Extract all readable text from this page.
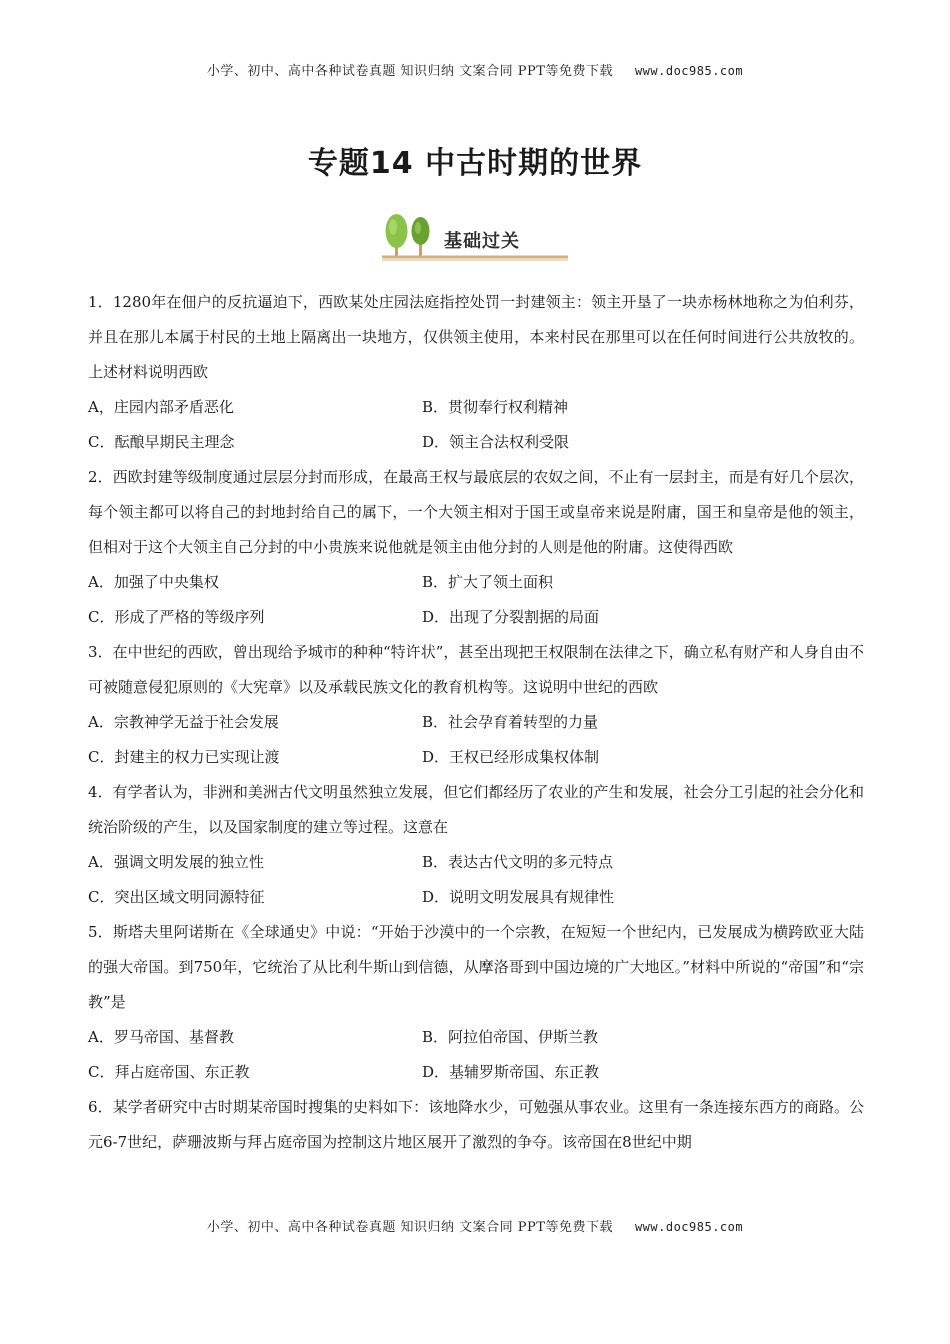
小学、初中、高中各种试卷真题 知识归纳 文案合同 PPT等免费下载 www.doc985.com
专题14 中古时期的世界
基础过关
1．1280年在佃户的反抗逼迫下，西欧某处庄园法庭指控处罚一封建领主：领主开垦了一块赤杨林地称之为伯利芬，并且在那儿本属于村民的土地上隔离出一块地方，仅供领主使用，本来村民在那里可以在任何时间进行公共放牧的。上述材料说明西欧
A，庄园内部矛盾恶化	B．贯彻奉行权利精神
C．酝酿早期民主理念	D．领主合法权利受限
2．西欧封建等级制度通过层层分封而形成，在最高王权与最底层的农奴之间，不止有一层封主，而是有好几个层次，每个领主都可以将自己的封地封给自己的属下，一个大领主相对于国王或皇帝来说是附庸，国王和皇帝是他的领主，但相对于这个大领主自己分封的中小贵族来说他就是领主由他分封的人则是他的附庸。这使得西欧
A．加强了中央集权	B．扩大了领土面积
C．形成了严格的等级序列	D．出现了分裂割据的局面
3．在中世纪的西欧，曾出现给予城市的种种“特许状”，甚至出现把王权限制在法律之下，确立私有财产和人身自由不可被随意侵犯原则的《大宪章》以及承载民族文化的教育机构等。这说明中世纪的西欧
A．宗教神学无益于社会发展	B．社会孕育着转型的力量
C．封建主的权力已实现让渡	D．王权已经形成集权体制
4．有学者认为，非洲和美洲古代文明虽然独立发展，但它们都经历了农业的产生和发展，社会分工引起的社会分化和统治阶级的产生，以及国家制度的建立等过程。这意在
A．强调文明发展的独立性	B．表达古代文明的多元特点
C．突出区域文明同源特征	D．说明文明发展具有规律性
5．斯塔夫里阿诺斯在《全球通史》中说：“开始于沙漠中的一个宗教，在短短一个世纪内，已发展成为横跨欧亚大陆的强大帝国。到750年，它统治了从比利牛斯山到信德，从摩洛哥到中国边境的广大地区。”材料中所说的“帝国”和“宗教”是
A．罗马帝国、基督教	B．阿拉伯帝国、伊斯兰教
C．拜占庭帝国、东正教	D．基辅罗斯帝国、东正教
6．某学者研究中古时期某帝国时搜集的史料如下：该地降水少，可勉强从事农业。这里有一条连接东西方的商路。公元6-7世纪，萨珊波斯与拜占庭帝国为控制这片地区展开了激烈的争夺。该帝国在8世纪中期
小学、初中、高中各种试卷真题 知识归纳 文案合同 PPT等免费下载 www.doc985.com
